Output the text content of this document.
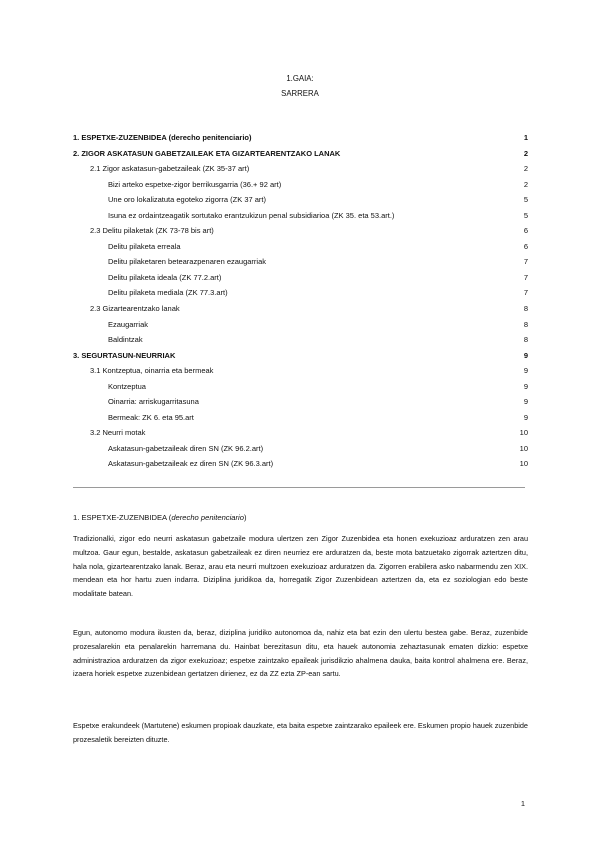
1.GAIA:
SARRERA
1. ESPETXE-ZUZENBIDEA (derecho penitenciario)	1
2. ZIGOR ASKATASUN GABETZAILEAK ETA GIZARTEARENTZAKO LANAK	2
2.1 Zigor askatasun-gabetzaileak (ZK 35-37 art)	2
Bizi arteko espetxe-zigor berrikusgarria (36.+ 92 art)	2
Une oro lokalizatuta egoteko zigorra (ZK 37 art)	5
Isuna ez ordaintzeagatik sortutako erantzukizun penal subsidiarioa (ZK 35. eta 53.art.)	5
2.3 Delitu pilaketak (ZK 73-78 bis art)	6
Delitu pilaketa erreala	6
Delitu pilaketaren betearazpenaren ezaugarriak	7
Delitu pilaketa ideala (ZK 77.2.art)	7
Delitu pilaketa mediala (ZK 77.3.art)	7
2.3 Gizartearentzako lanak	8
Ezaugarriak	8
Baldintzak	8
3. SEGURTASUN-NEURRIAK	9
3.1 Kontzeptua, oinarria eta bermeak	9
Kontzeptua	9
Oinarria: arriskugarritasuna	9
Bermeak: ZK 6. eta 95.art	9
3.2 Neurri motak	10
Askatasun-gabetzaileak diren SN (ZK 96.2.art)	10
Askatasun-gabetzaileak ez diren SN (ZK 96.3.art)	10
1. ESPETXE-ZUZENBIDEA (derecho penitenciario)

Tradizionalki, zigor edo neurri askatasun gabetzaile modura ulertzen zen Zigor Zuzenbidea eta honen exekuzioaz arduratzen zen arau multzoa. Gaur egun, bestalde, askatasun gabetzaileak ez diren neurriez ere arduratzen da, beste mota batzuetako zigorrak aztertzen ditu, hala nola, gizartearentzako lanak. Beraz, arau eta neurri multzoen exekuzioaz arduratzen da. Zigorren erabilera asko nabarmendu zen XIX. mendean eta hor hartu zuen indarra. Diziplina juridikoa da, horregatik Zigor Zuzenbidean aztertzen da, eta ez soziologian edo beste modalitate batean.

Egun, autonomo modura ikusten da, beraz, diziplina juridiko autonomoa da, nahiz eta bat ezin den ulertu bestea gabe. Beraz, zuzenbide prozesalarekin eta penalarekin harremana du. Hainbat berezitasun ditu, eta hauek autonomia zehaztasunak ematen dizkio: espetxe administrazioa arduratzen da zigor exekuzioaz; espetxe zaintzako epaileak jurisdikzio ahalmena dauka, baita kontrol ahalmena ere. Beraz, izaera horiek espetxe zuzenbidean gertatzen dirienez, ez da ZZ ezta ZP-ean sartu.

Espetxe erakundeek (Martutene) eskumen propioak dauzkate, eta baita espetxe zaintzarako epaileek ere. Eskumen propio hauek zuzenbide prozesaletik bereizten dituzte.

1
